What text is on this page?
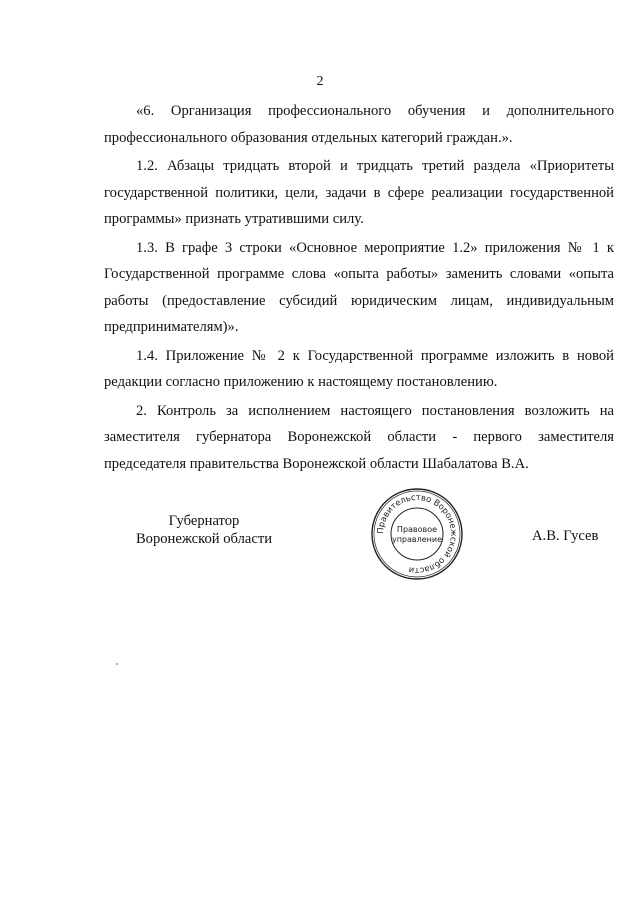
2

«6. Организация профессионального обучения и дополнительного профессионального образования отдельных категорий граждан.».

1.2. Абзацы тридцать второй и тридцать третий раздела «Приоритеты государственной политики, цели, задачи в сфере реализации государственной программы» признать утратившими силу.

1.3. В графе 3 строки «Основное мероприятие 1.2» приложения № 1 к Государственной программе слова «опыта работы» заменить словами «опыта работы (предоставление субсидий юридическим лицам, индивидуальным предпринимателям)».

1.4. Приложение № 2 к Государственной программе изложить в новой редакции согласно приложению к настоящему постановлению.

2. Контроль за исполнением настоящего постановления возложить на заместителя губернатора Воронежской области - первого заместителя председателя правительства Воронежской области Шабалатова В.А.

Губернатор
Воронежской области
Правительство Воронежской области
Правовое
управление	А.В. Гусев
